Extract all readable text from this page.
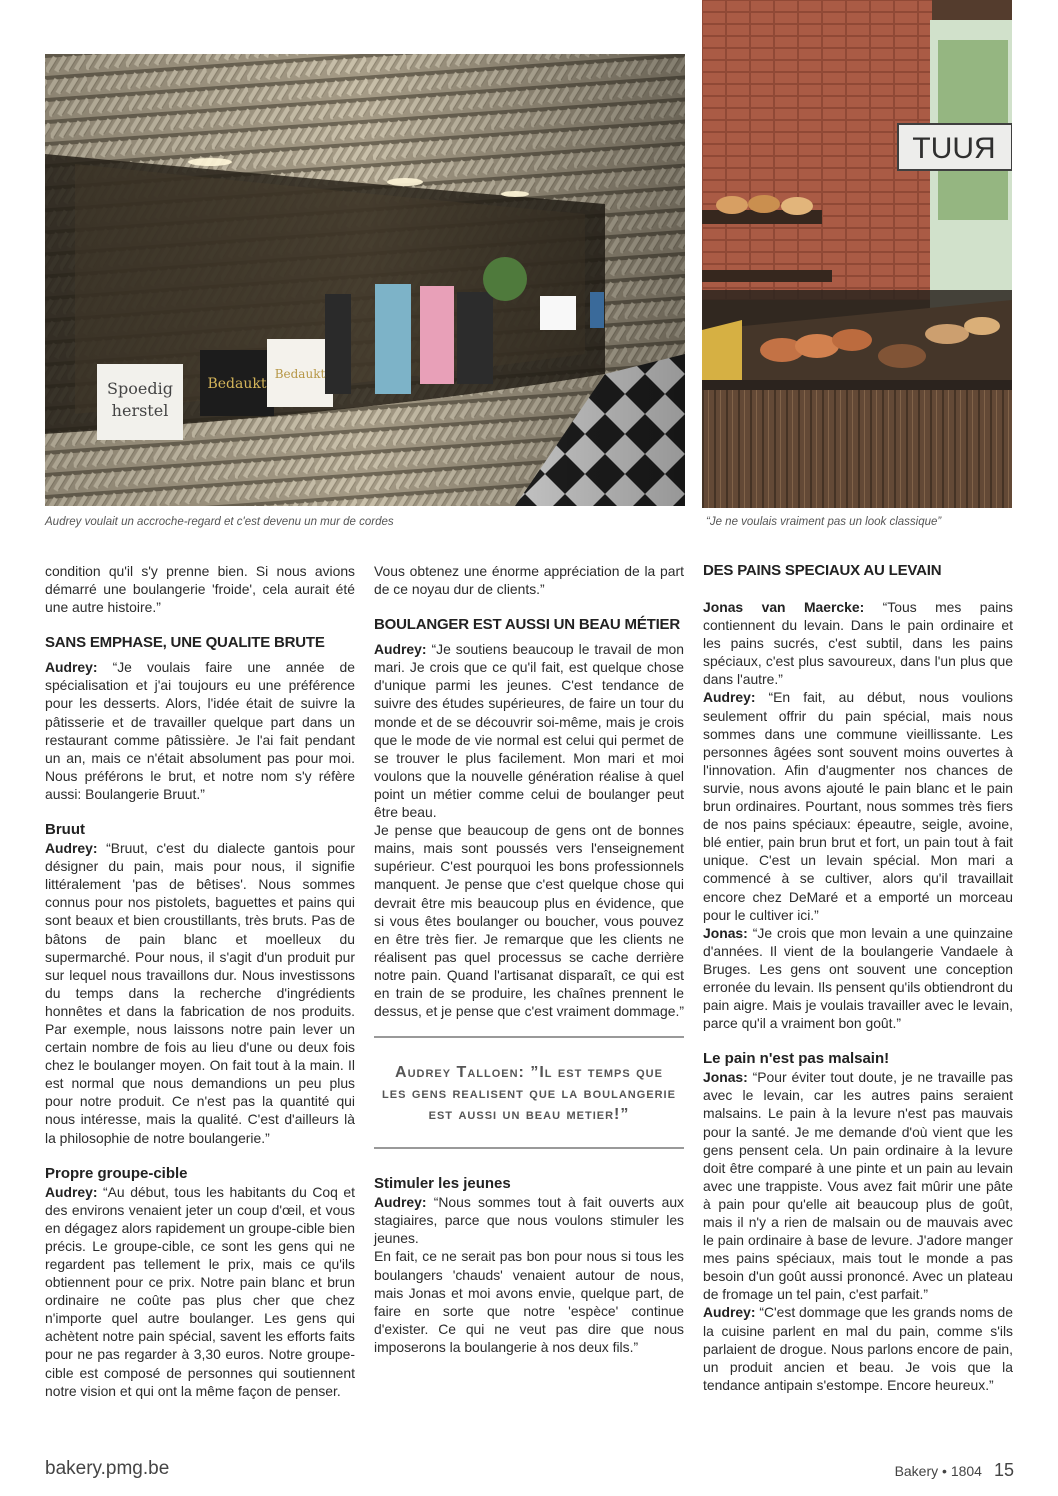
Spoedig
herstel
Bedaukt
Bedaukt
RUUT
Audrey voulait un accroche-regard et c'est devenu un mur de cordes	“Je ne voulais vraiment pas un look classique”

condition qu'il s'y prenne bien. Si nous avions démarré une boulangerie 'froide', cela aurait été une autre histoire.”

SANS EMPHASE, UNE QUALITE BRUTE

Audrey: “Je voulais faire une année de spécialisation et j'ai toujours eu une préférence pour les desserts. Alors, l'idée était de suivre la pâtisserie et de travailler quelque part dans un restaurant comme pâtissière. Je l'ai fait pendant un an, mais ce n'était absolument pas pour moi. Nous préférons le brut, et notre nom s'y réfère aussi: Boulangerie Bruut.”

Bruut

Audrey: “Bruut, c'est du dialecte gantois pour désigner du pain, mais pour nous, il signifie littéralement 'pas de bêtises'. Nous sommes connus pour nos pistolets, baguettes et pains qui sont beaux et bien croustillants, très bruts. Pas de bâtons de pain blanc et moelleux du supermarché. Pour nous, il s'agit d'un produit pur sur lequel nous travaillons dur. Nous investissons du temps dans la recherche d'ingrédients honnêtes et dans la fabrication de nos produits. Par exemple, nous laissons notre pain lever un certain nombre de fois au lieu d'une ou deux fois chez le boulanger moyen. On fait tout à la main. Il est normal que nous demandions un peu plus pour notre produit. Ce n'est pas la quantité qui nous intéresse, mais la qualité. C'est d'ailleurs là la philosophie de notre boulangerie.”

Propre groupe-cible

Audrey: “Au début, tous les habitants du Coq et des environs venaient jeter un coup d'œil, et vous en dégagez alors rapidement un groupe-cible bien précis. Le groupe-cible, ce sont les gens qui ne regardent pas tellement le prix, mais ce qu'ils obtiennent pour ce prix. Notre pain blanc et brun ordinaire ne coûte pas plus cher que chez n'importe quel autre boulanger. Les gens qui achètent notre pain spécial, savent les efforts faits pour ne pas regarder à 3,30 euros. Notre groupe-cible est composé de personnes qui soutiennent notre vision et qui ont la même façon de penser.

Vous obtenez une énorme appréciation de la part de ce noyau dur de clients.”

BOULANGER EST AUSSI UN BEAU MÉTIER

Audrey: “Je soutiens beaucoup le travail de mon mari. Je crois que ce qu'il fait, est quelque chose d'unique parmi les jeunes. C'est tendance de suivre des études supérieures, de faire un tour du monde et de se découvrir soi-même, mais je crois que le mode de vie normal est celui qui permet de se trouver le plus facilement. Mon mari et moi voulons que la nouvelle génération réalise à quel point un métier comme celui de boulanger peut être beau.

Je pense que beaucoup de gens ont de bonnes mains, mais sont poussés vers l'enseignement supérieur. C'est pourquoi les bons professionnels manquent. Je pense que c'est quelque chose qui devrait être mis beaucoup plus en évidence, que si vous êtes boulanger ou boucher, vous pouvez en être très fier. Je remarque que les clients ne réalisent pas quel processus se cache derrière notre pain. Quand l'artisanat disparaît, ce qui est en train de se produire, les chaînes prennent le dessus, et je pense que c'est vraiment dommage.”

Audrey Talloen: ”Il est temps que les gens realisent que la boulangerie est aussi un beau metier!”
Stimuler les jeunes

Audrey: “Nous sommes tout à fait ouverts aux stagiaires, parce que nous voulons stimuler les jeunes.

En fait, ce ne serait pas bon pour nous si tous les boulangers 'chauds' venaient autour de nous, mais Jonas et moi avons envie, quelque part, de faire en sorte que notre 'espèce' continue d'exister. Ce qui ne veut pas dire que nous imposerons la boulangerie à nos deux fils.”

DES PAINS SPECIAUX AU LEVAIN

Jonas van Maercke: “Tous mes pains contiennent du levain. Dans le pain ordinaire et les pains sucrés, c'est subtil, dans les pains spéciaux, c'est plus savoureux, dans l'un plus que dans l'autre.”

Audrey: “En fait, au début, nous voulions seulement offrir du pain spécial, mais nous sommes dans une commune vieillissante. Les personnes âgées sont souvent moins ouvertes à l'innovation. Afin d'augmenter nos chances de survie, nous avons ajouté le pain blanc et le pain brun ordinaires. Pourtant, nous sommes très fiers de nos pains spéciaux: épeautre, seigle, avoine, blé entier, pain brun brut et fort, un pain tout à fait unique. C'est un levain spécial. Mon mari a commencé à se cultiver, alors qu'il travaillait encore chez DeMaré et a emporté un morceau pour le cultiver ici.”

Jonas: “Je crois que mon levain a une quinzaine d'années. Il vient de la boulangerie Vandaele à Bruges. Les gens ont souvent une conception erronée du levain. Ils pensent qu'ils obtiendront du pain aigre. Mais je voulais travailler avec le levain, parce qu'il a vraiment bon goût.”

Le pain n'est pas malsain!

Jonas: “Pour éviter tout doute, je ne travaille pas avec le levain, car les autres pains seraient malsains. Le pain à la levure n'est pas mauvais pour la santé. Je me demande d'où vient que les gens pensent cela. Un pain ordinaire à la levure doit être comparé à une pinte et un pain au levain avec une trappiste. Vous avez fait mûrir une pâte à pain pour qu'elle ait beaucoup plus de goût, mais il n'y a rien de malsain ou de mauvais avec le pain ordinaire à base de levure. J'adore manger mes pains spéciaux, mais tout le monde a pas besoin d'un goût aussi prononcé. Avec un plateau de fromage un tel pain, c'est parfait.”

Audrey: “C'est dommage que les grands noms de la cuisine parlent en mal du pain, comme s'ils parlaient de drogue. Nous parlons encore de pain, un produit ancien et beau. Je vois que la tendance antipain s'estompe. Encore heureux.”

bakery.pmg.be	Bakery • 1804 15
